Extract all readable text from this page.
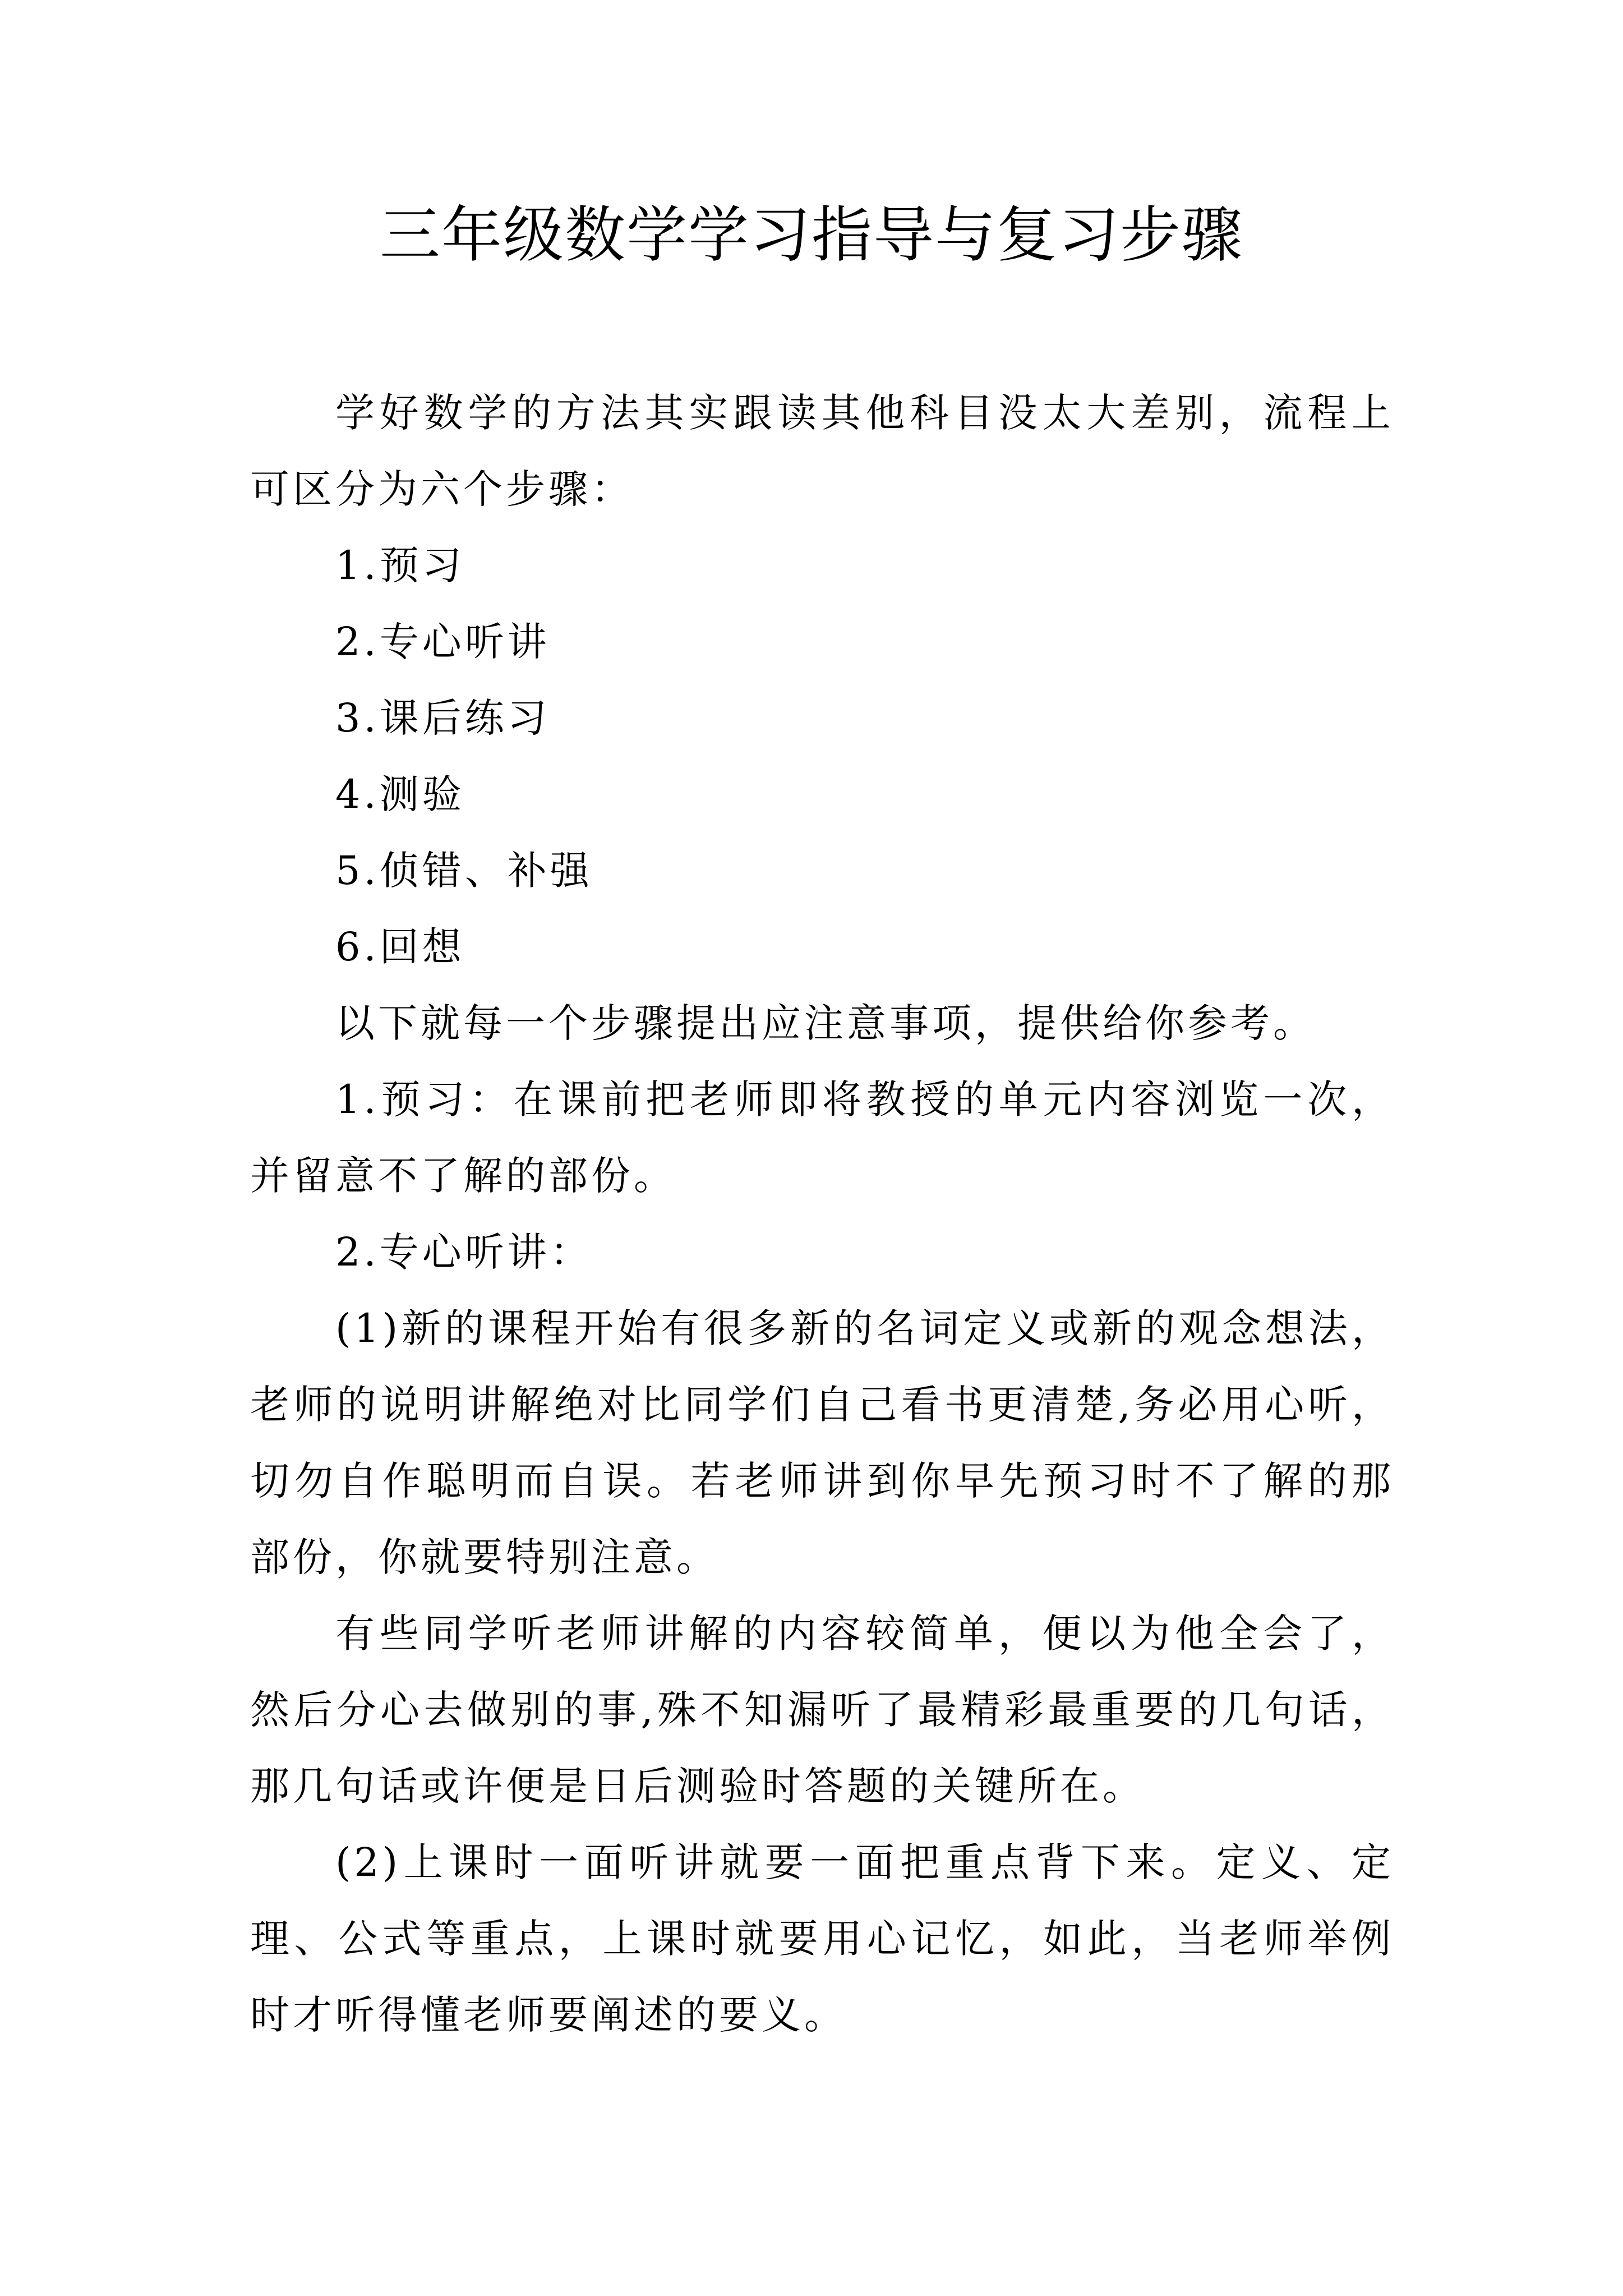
三年级数学学习指导与复习步骤

学好数学的方法其实跟读其他科目没太大差别，流程上可区分为六个步骤：

1.预习

2.专心听讲

3.课后练习

4.测验

5.侦错、补强

6.回想

以下就每一个步骤提出应注意事项，提供给你参考。

1.预习：在课前把老师即将教授的单元内容浏览一次，并留意不了解的部份。

2.专心听讲：

(1)新的课程开始有很多新的名词定义或新的观念想法，老师的说明讲解绝对比同学们自己看书更清楚,务必用心听，切勿自作聪明而自误。若老师讲到你早先预习时不了解的那部份，你就要特别注意。

有些同学听老师讲解的内容较简单，便以为他全会了，然后分心去做别的事,殊不知漏听了最精彩最重要的几句话，那几句话或许便是日后测验时答题的关键所在。

(2)上课时一面听讲就要一面把重点背下来。定义、定理、公式等重点，上课时就要用心记忆，如此，当老师举例时才听得懂老师要阐述的要义。
